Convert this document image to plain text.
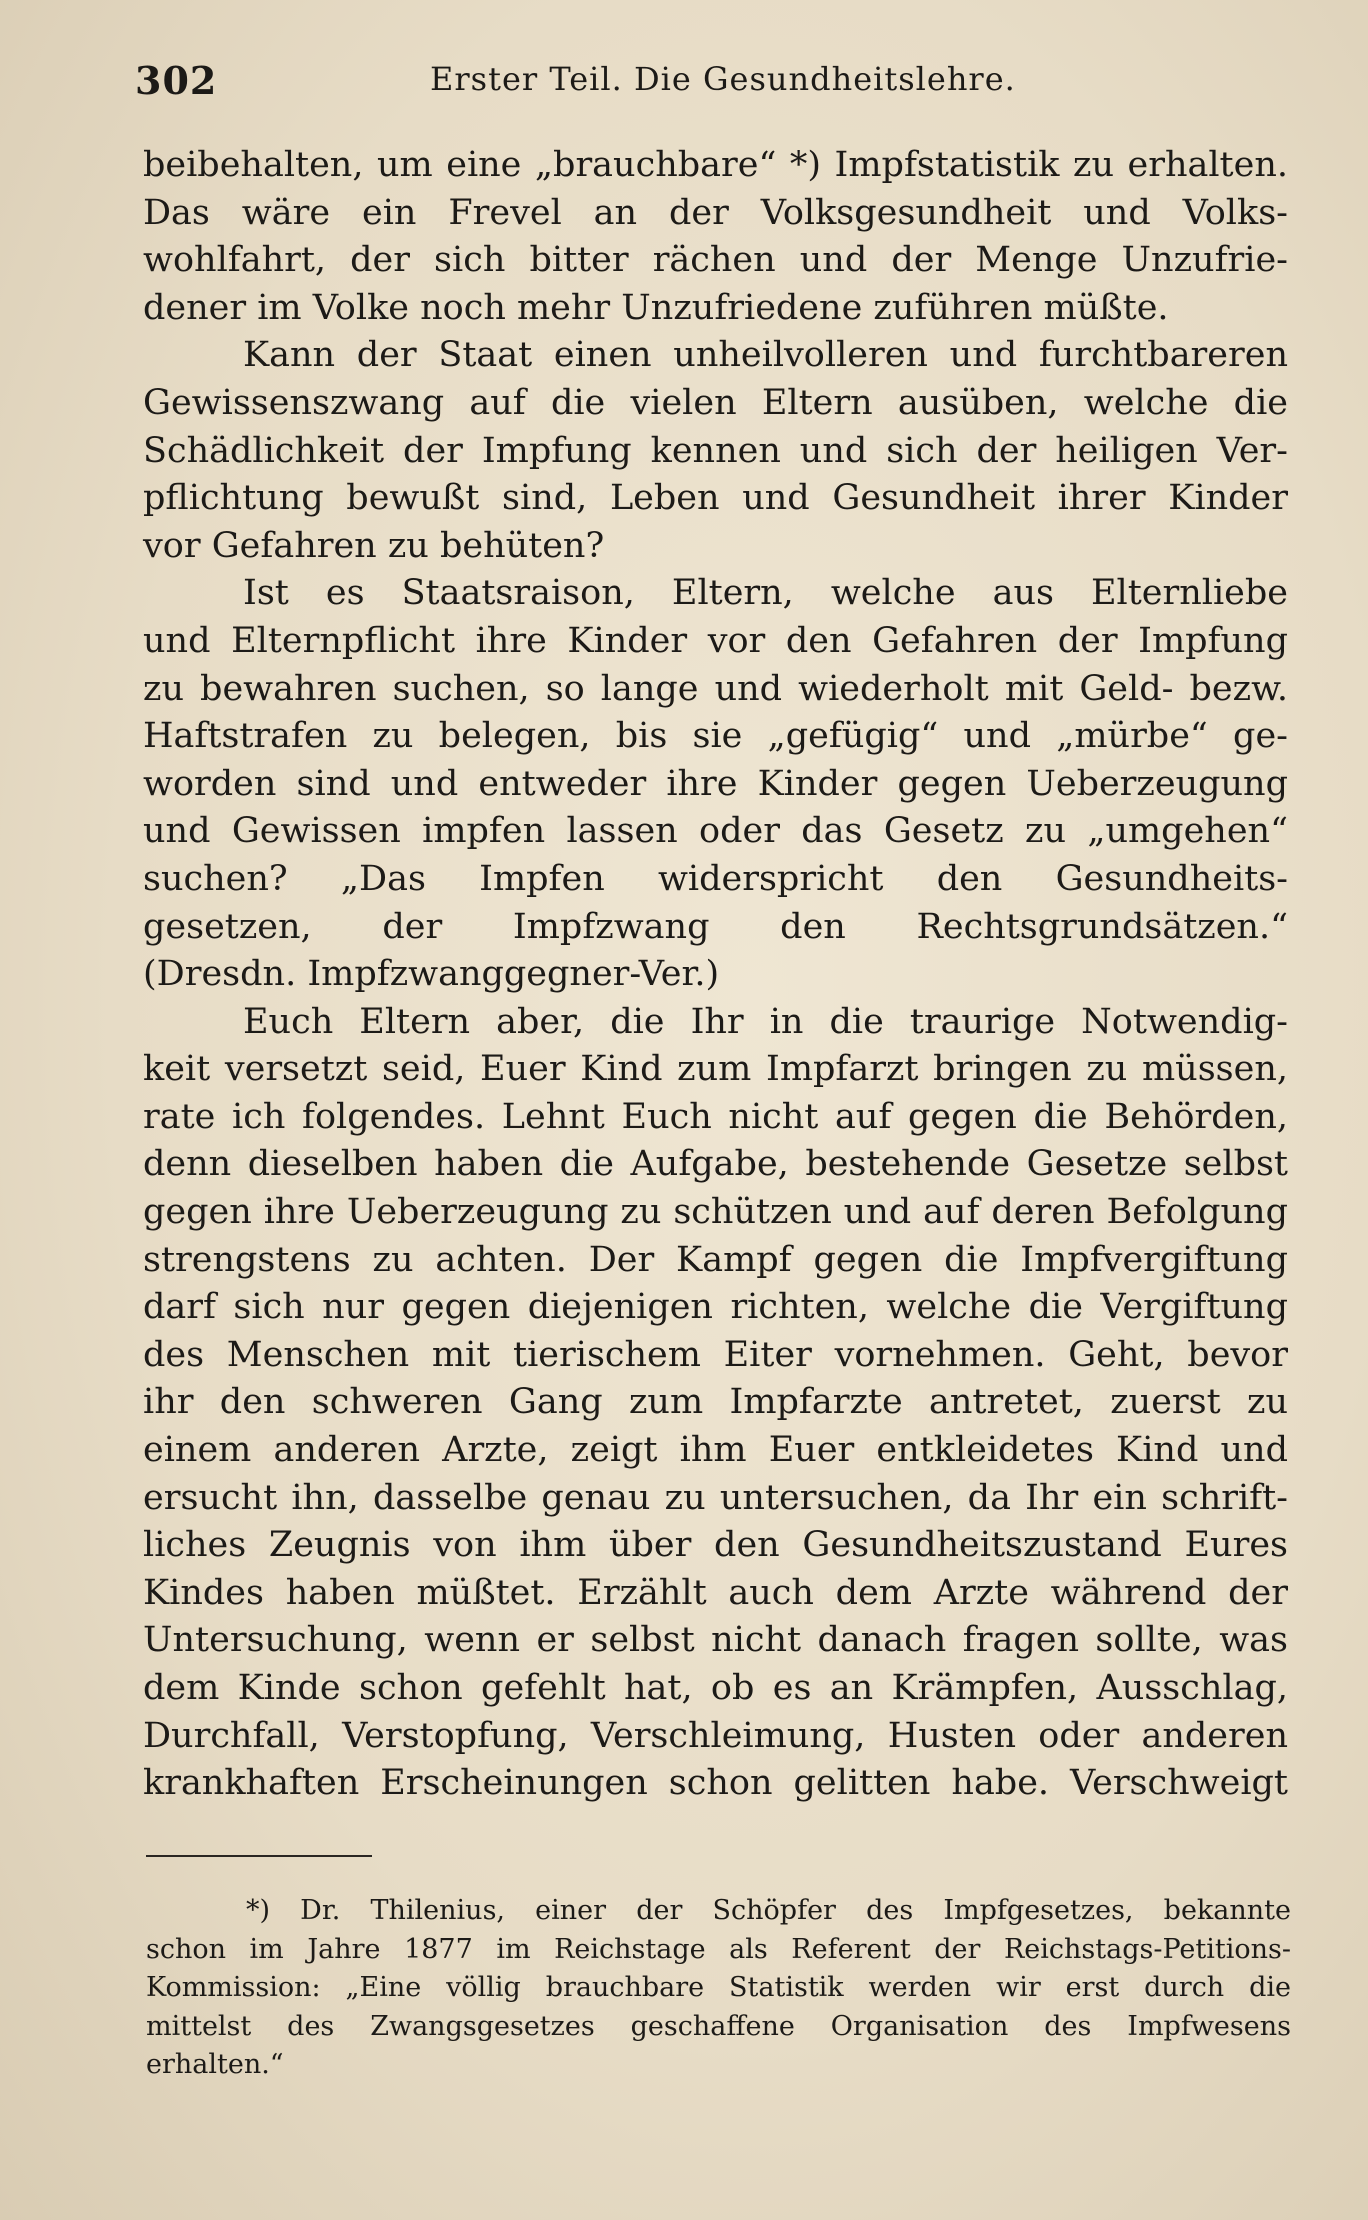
302	Erster Teil. Die Gesundheitslehre.
beibehalten, um eine „brauchbare“ *) Impfstatistik zu erhalten.
Das wäre ein Frevel an der Volksgesundheit und Volks-
wohlfahrt, der sich bitter rächen und der Menge Unzufrie-
dener im Volke noch mehr Unzufriedene zuführen müßte.
Kann der Staat einen unheilvolleren und furchtbareren
Gewissenszwang auf die vielen Eltern ausüben, welche die
Schädlichkeit der Impfung kennen und sich der heiligen Ver-
pflichtung bewußt sind, Leben und Gesundheit ihrer Kinder
vor Gefahren zu behüten?
Ist es Staatsraison, Eltern, welche aus Elternliebe
und Elternpflicht ihre Kinder vor den Gefahren der Impfung
zu bewahren suchen, so lange und wiederholt mit Geld- bezw.
Haftstrafen zu belegen, bis sie „gefügig“ und „mürbe“ ge-
worden sind und entweder ihre Kinder gegen Ueberzeugung
und Gewissen impfen lassen oder das Gesetz zu „umgehen“
suchen? „Das Impfen widerspricht den Gesundheits-
gesetzen, der Impfzwang den Rechtsgrundsätzen.“
(Dresdn. Impfzwanggegner-Ver.)
Euch Eltern aber, die Ihr in die traurige Notwendig-
keit versetzt seid, Euer Kind zum Impfarzt bringen zu müssen,
rate ich folgendes. Lehnt Euch nicht auf gegen die Behörden,
denn dieselben haben die Aufgabe, bestehende Gesetze selbst
gegen ihre Ueberzeugung zu schützen und auf deren Befolgung
strengstens zu achten. Der Kampf gegen die Impfvergiftung
darf sich nur gegen diejenigen richten, welche die Vergiftung
des Menschen mit tierischem Eiter vornehmen. Geht, bevor
ihr den schweren Gang zum Impfarzte antretet, zuerst zu
einem anderen Arzte, zeigt ihm Euer entkleidetes Kind und
ersucht ihn, dasselbe genau zu untersuchen, da Ihr ein schrift-
liches Zeugnis von ihm über den Gesundheitszustand Eures
Kindes haben müßtet. Erzählt auch dem Arzte während der
Untersuchung, wenn er selbst nicht danach fragen sollte, was
dem Kinde schon gefehlt hat, ob es an Krämpfen, Ausschlag,
Durchfall, Verstopfung, Verschleimung, Husten oder anderen
krankhaften Erscheinungen schon gelitten habe. Verschweigt
*) Dr. Thilenius, einer der Schöpfer des Impfgesetzes, bekannte
schon im Jahre 1877 im Reichstage als Referent der Reichstags-Petitions-
Kommission: „Eine völlig brauchbare Statistik werden wir erst durch die
mittelst des Zwangsgesetzes geschaffene Organisation des Impfwesens
erhalten.“
